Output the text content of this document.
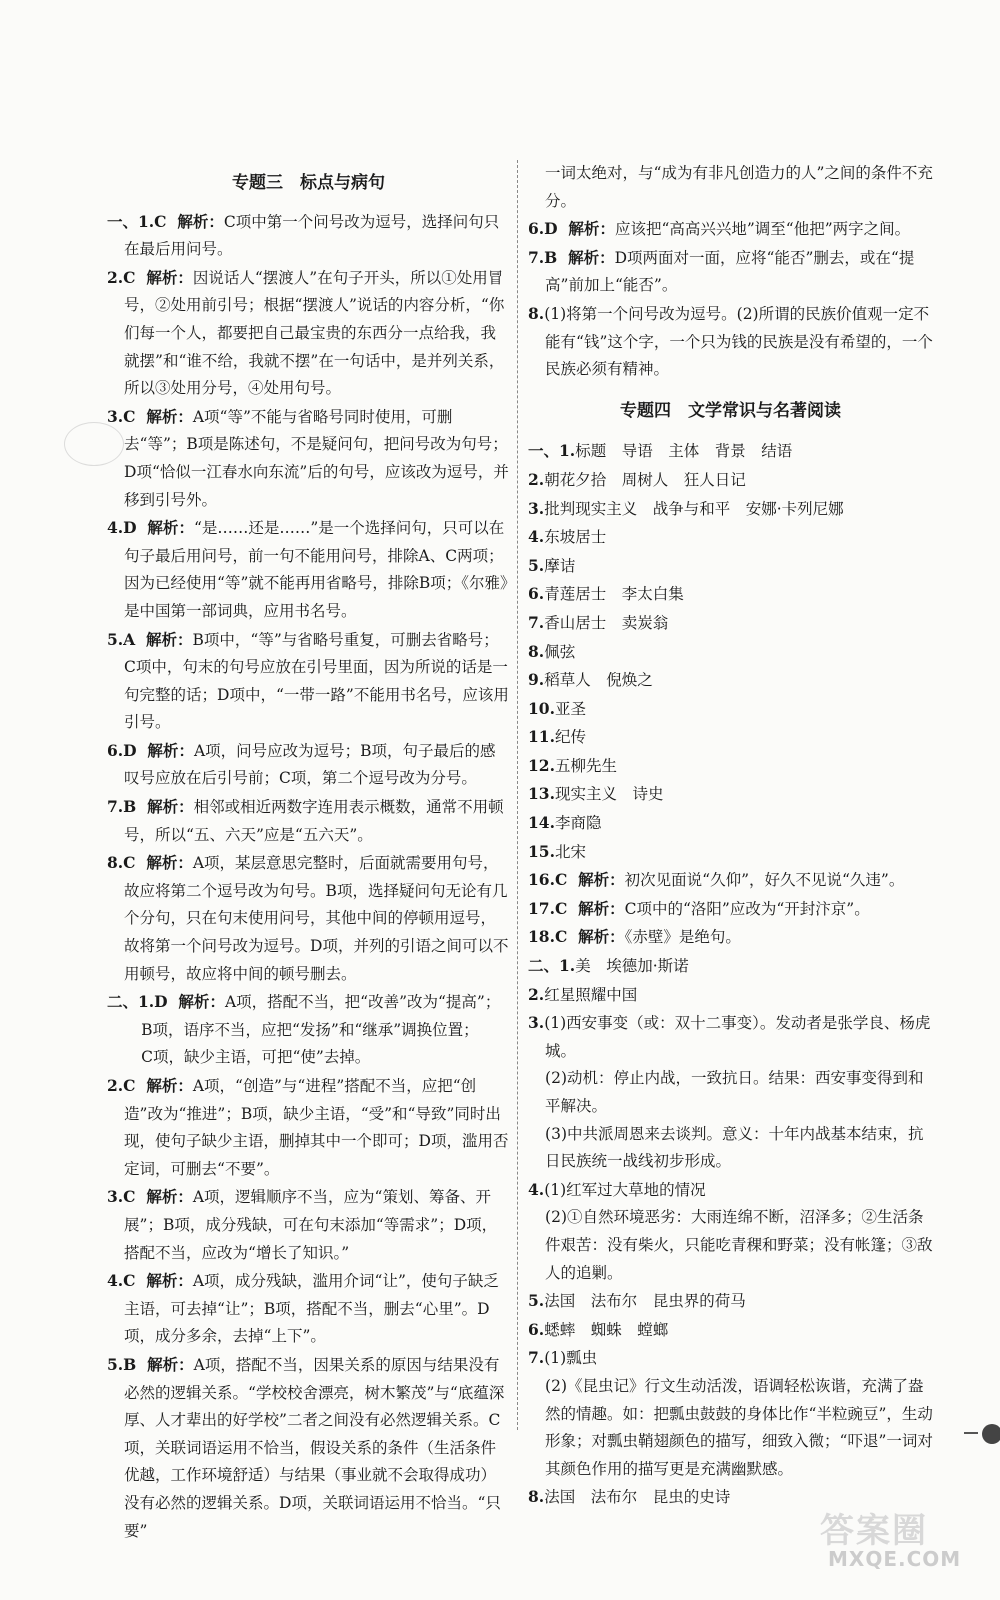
专题三　标点与病句

一、1.C 解析 ： C项中第一个问号改为逗号，选择问句只在最后用问号。

2.C 解析 ： 因说话人“摆渡人”在句子开头，所以①处用冒号，②处用前引号；根据“摆渡人”说话的内容分析，“你们每一个人，都要把自己最宝贵的东西分一点给我，我就摆”和“谁不给，我就不摆”在一句话中，是并列关系，所以③处用分号，④处用句号。

3.C 解析 ： A项“等”不能与省略号同时使用，可删去“等”；B项是陈述句，不是疑问句，把问号改为句号；D项“恰似一江春水向东流”后的句号，应该改为逗号，并移到引号外。

4.D 解析 ： “是……还是……”是一个选择问句，只可以在句子最后用问号，前一句不能用问号，排除A、C两项；因为已经使用“等”就不能再用省略号，排除B项；《尔雅》是中国第一部词典，应用书名号。

5.A 解析 ： B项中，“等”与省略号重复，可删去省略号；C项中，句末的句号应放在引号里面，因为所说的话是一句完整的话；D项中，“一带一路”不能用书名号，应该用引号。

6.D 解析 ： A项，问号应改为逗号；B项，句子最后的感叹号应放在后引号前；C项，第二个逗号改为分号。

7.B 解析 ： 相邻或相近两数字连用表示概数，通常不用顿号，所以“五、六天”应是“五六天”。

8.C 解析 ： A项，某层意思完整时，后面就需要用句号，故应将第二个逗号改为句号。B项，选择疑问句无论有几个分句，只在句末使用问号，其他中间的停顿用逗号，故将第一个问号改为逗号。D项，并列的引语之间可以不用顿号，故应将中间的顿号删去。

二、1.D 解析 ： A项，搭配不当，把“改善”改为“提高”；

B项，语序不当，应把“发扬”和“继承”调换位置；

C项，缺少主语，可把“使”去掉。

2.C 解析 ： A项，“创造”与“进程”搭配不当，应把“创造”改为“推进”；B项，缺少主语，“受”和“导致”同时出现，使句子缺少主语，删掉其中一个即可；D项，滥用否定词，可删去“不要”。

3.C 解析 ： A项，逻辑顺序不当，应为“策划、筹备、开展”；B项，成分残缺，可在句末添加“等需求”；D项，搭配不当，应改为“增长了知识。”

4.C 解析 ： A项，成分残缺，滥用介词“让”，使句子缺乏主语，可去掉“让”；B项，搭配不当，删去“心里”。D项，成分多余，去掉“上下”。

5.B 解析 ： A项，搭配不当，因果关系的原因与结果没有必然的逻辑关系。“学校校舍漂亮，树木繁茂”与“底蕴深厚、人才辈出的好学校”二者之间没有必然逻辑关系。C项，关联词语运用不恰当，假设关系的条件（生活条件优越，工作环境舒适）与结果（事业就不会取得成功）没有必然的逻辑关系。D项，关联词语运用不恰当。“只要”

一词太绝对，与“成为有非凡创造力的人”之间的条件不充分。

6.D 解析 ： 应该把“高高兴兴地”调至“他把”两字之间。

7.B 解析 ： D项两面对一面，应将“能否”删去，或在“提高”前加上“能否”。

8.(1)将第一个问号改为逗号。(2)所谓的民族价值观一定不能有“钱”这个字，一个只为钱的民族是没有希望的，一个民族必须有精神。

专题四　文学常识与名著阅读

一、1.标题　导语　主体　背景　结语

2.朝花夕拾　周树人　狂人日记

3.批判现实主义　战争与和平　安娜·卡列尼娜

4.东坡居士

5.摩诘

6.青莲居士　李太白集

7.香山居士　卖炭翁

8.佩弦

9.稻草人　倪焕之

10.亚圣

11.纪传

12.五柳先生

13.现实主义　诗史

14.李商隐

15.北宋

16.C 解析 ： 初次见面说“久仰”，好久不见说“久违”。

17.C 解析 ： C项中的“洛阳”应改为“开封汴京”。

18.C 解析 ： 《赤壁》是绝句。

二、1.美　埃德加·斯诺

2.红星照耀中国

3.(1)西安事变（或：双十二事变）。发动者是张学良、杨虎城。

(2)动机：停止内战，一致抗日。结果：西安事变得到和平解决。

(3)中共派周恩来去谈判。意义：十年内战基本结束，抗日民族统一战线初步形成。

4.(1)红军过大草地的情况

(2)①自然环境恶劣：大雨连绵不断，沼泽多；②生活条件艰苦：没有柴火，只能吃青稞和野菜；没有帐篷；③敌人的追剿。

5.法国　法布尔　昆虫界的荷马

6.蟋蟀　蜘蛛　螳螂

7.(1)瓢虫

(2)《昆虫记》行文生动活泼，语调轻松诙谐，充满了盎然的情趣。如：把瓢虫鼓鼓的身体比作“半粒豌豆”，生动形象；对瓢虫鞘翅颜色的描写，细致入微；“吓退”一词对其颜色作用的描写更是充满幽默感。

8.法国　法布尔　昆虫的史诗

答案圈
MXQE.COM
